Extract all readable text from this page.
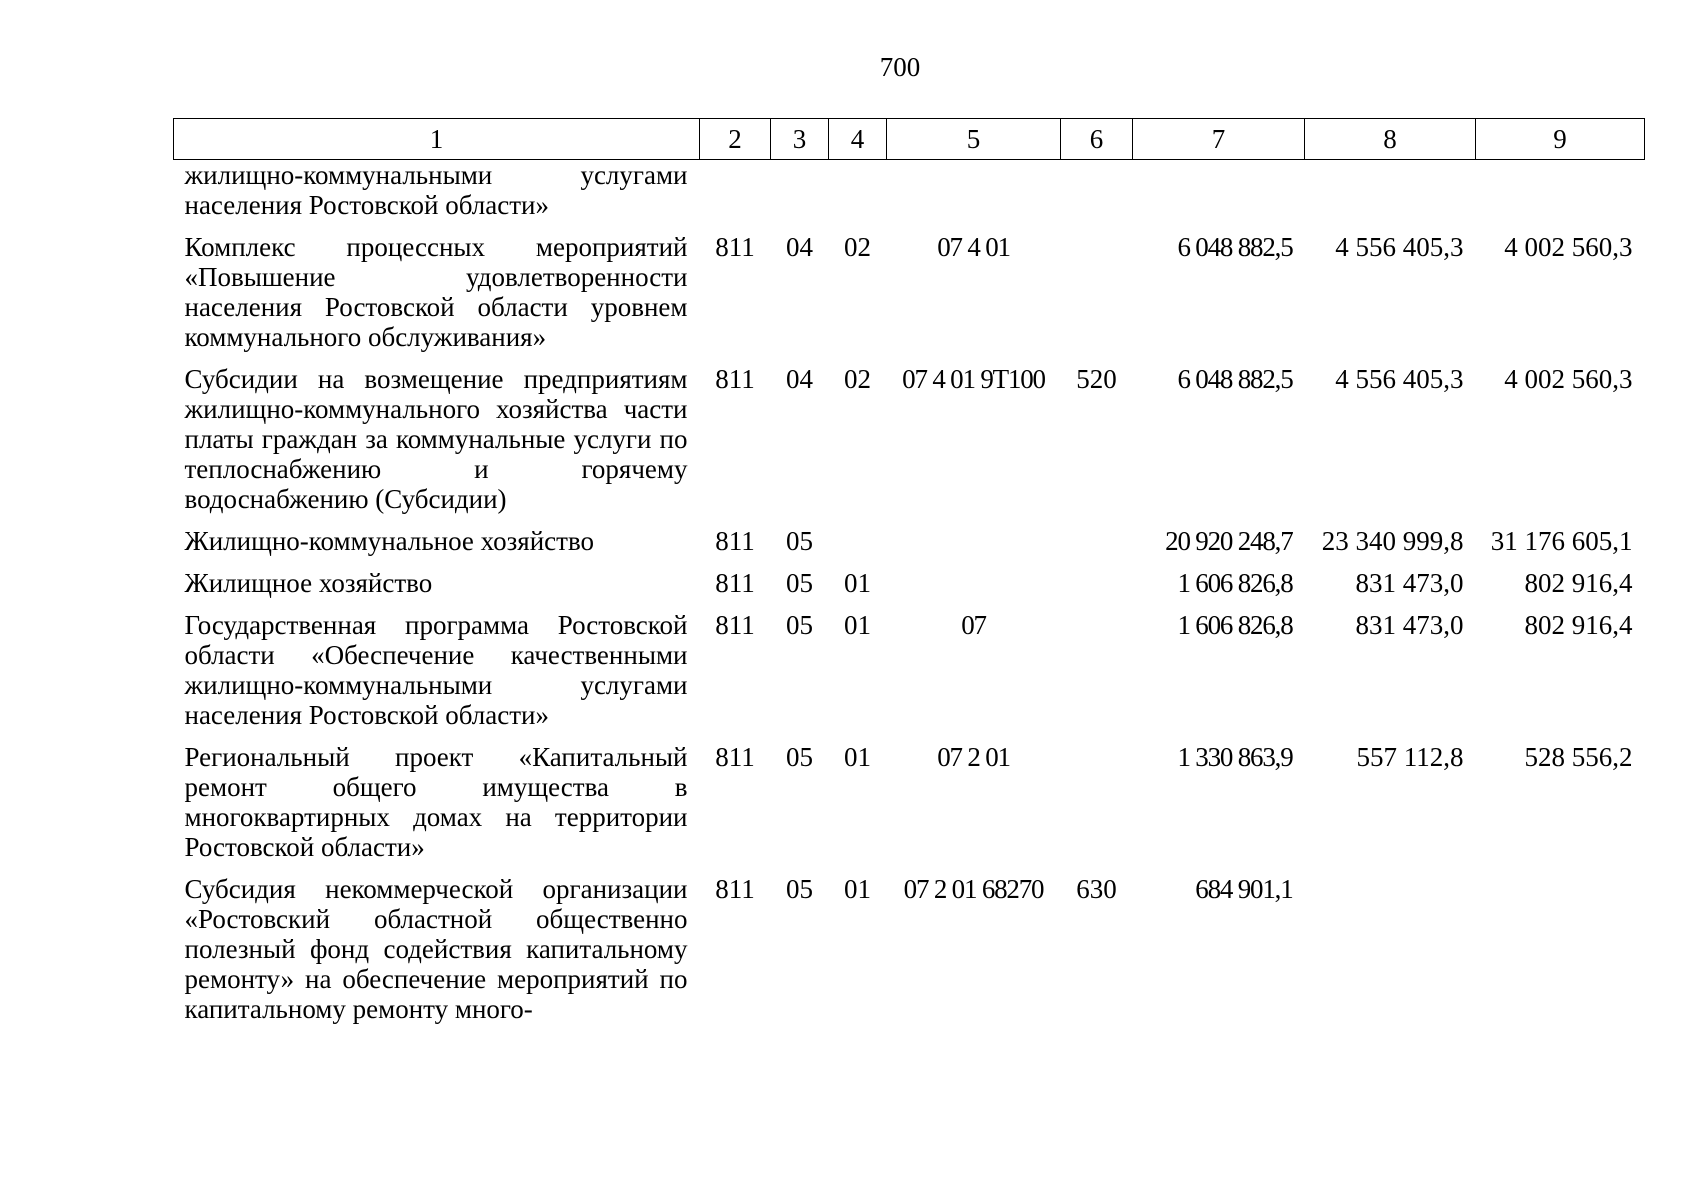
700
1	2	3	4	5	6	7	8	9
жилищно-коммунальными услугами населения Ростовской области»								
Комплекс процессных мероприятий «Повышение удовлетворенности населения Ростовской области уровнем коммунального обслуживания»	811	04	02	07 4 01		6 048 882,5	4 556 405,3	4 002 560,3
Субсидии на возмещение предприятиям жилищно-коммунального хозяйства части платы граждан за коммунальные услуги по теплоснабжению и горячему водоснабжению (Субсидии)	811	04	02	07 4 01 9Т100	520	6 048 882,5	4 556 405,3	4 002 560,3
Жилищно-коммунальное хозяйство	811	05				20 920 248,7	23 340 999,8	31 176 605,1
Жилищное хозяйство	811	05	01			1 606 826,8	831 473,0	802 916,4
Государственная программа Ростовской области «Обеспечение качественными жилищно-коммунальными услугами населения Ростовской области»	811	05	01	07		1 606 826,8	831 473,0	802 916,4
Региональный проект «Капитальный ремонт общего имущества в многоквартирных домах на территории Ростовской области»	811	05	01	07 2 01		1 330 863,9	557 112,8	528 556,2
Субсидия некоммерческой организации «Ростовский областной общественно полезный фонд содействия капитальному ремонту» на обеспечение мероприятий по капитальному ремонту много-	811	05	01	07 2 01 68270	630	684 901,1		
